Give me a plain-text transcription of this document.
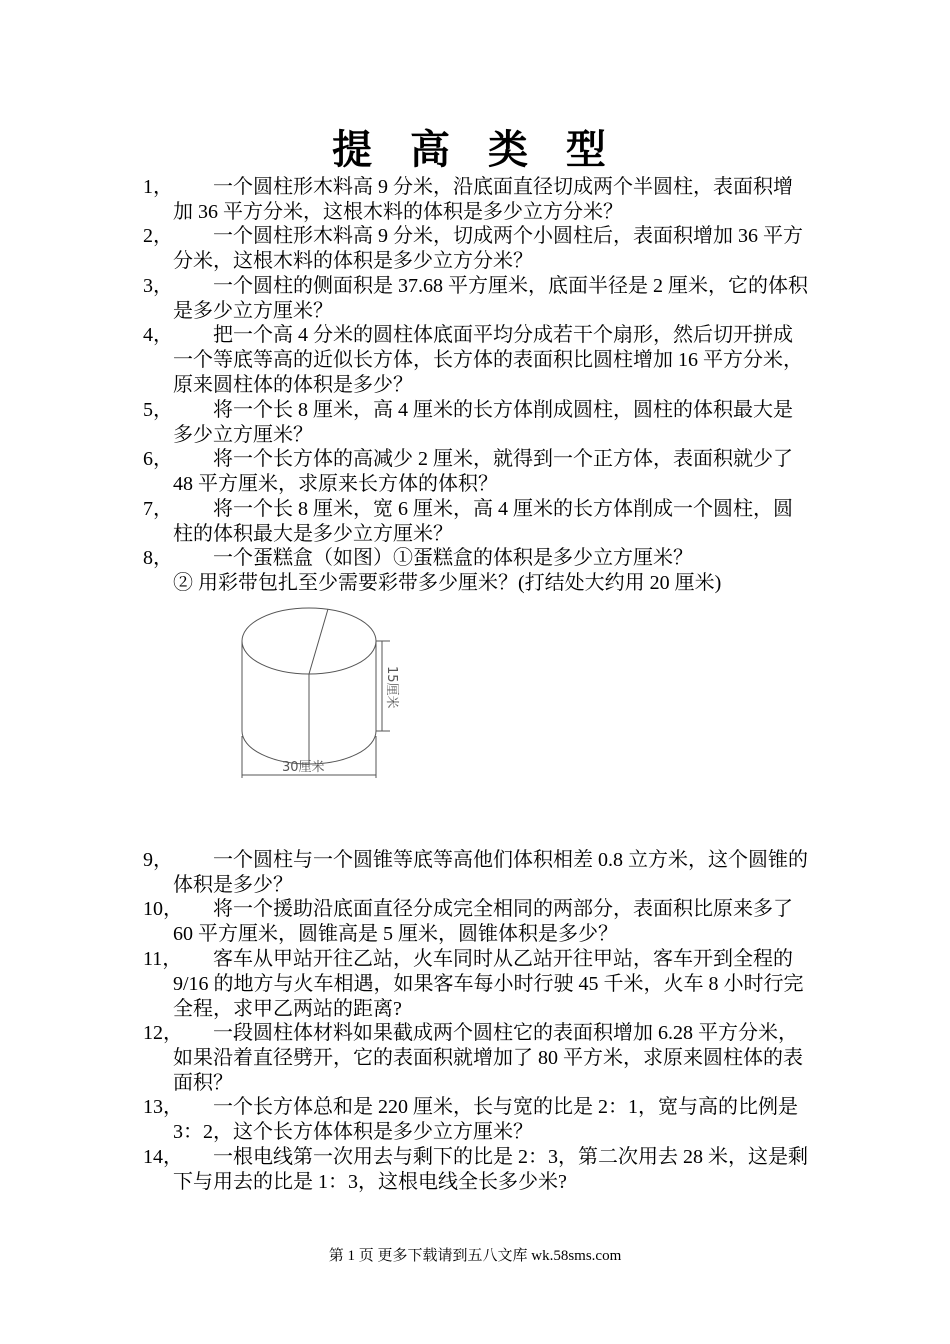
提 高 类 型
1，	一个圆柱形木料高 9 分米，沿底面直径切成两个半圆柱，表面积增加 36 平方分米，这根木料的体积是多少立方分米？
2，	一个圆柱形木料高 9 分米，切成两个小圆柱后，表面积增加 36 平方分米，这根木料的体积是多少立方分米？
3，	一个圆柱的侧面积是 37.68 平方厘米，底面半径是 2 厘米，它的体积是多少立方厘米？
4，	把一个高 4 分米的圆柱体底面平均分成若干个扇形，然后切开拼成一个等底等高的近似长方体，长方体的表面积比圆柱增加 16 平方分米，原来圆柱体的体积是多少？
5，	将一个长 8 厘米，高 4 厘米的长方体削成圆柱，圆柱的体积最大是多少立方厘米？
6，	将一个长方体的高减少 2 厘米，就得到一个正方体，表面积就少了 48 平方厘米，求原来长方体的体积？
7，	将一个长 8 厘米，宽 6 厘米，高 4 厘米的长方体削成一个圆柱，圆柱的体积最大是多少立方厘米？
8，	一个蛋糕盒（如图）①蛋糕盒的体积是多少立方厘米？
② 用彩带包扎至少需要彩带多少厘米？(打结处大约用 20 厘米)
15厘米
30厘米
9，	一个圆柱与一个圆锥等底等高他们体积相差 0.8 立方米，这个圆锥的体积是多少？
10，	将一个援助沿底面直径分成完全相同的两部分，表面积比原来多了 60 平方厘米，圆锥高是 5 厘米，圆锥体积是多少？
11，	客车从甲站开往乙站，火车同时从乙站开往甲站，客车开到全程的 9/16 的地方与火车相遇，如果客车每小时行驶 45 千米，火车 8 小时行完全程，求甲乙两站的距离?
12，	一段圆柱体材料如果截成两个圆柱它的表面积增加 6.28 平方分米，如果沿着直径劈开，它的表面积就增加了 80 平方米，求原来圆柱体的表面积？
13，	一个长方体总和是 220 厘米，长与宽的比是 2：1，宽与高的比例是 3：2，这个长方体体积是多少立方厘米？
14，	一根电线第一次用去与剩下的比是 2：3，第二次用去 28 米，这是剩下与用去的比是 1：3，这根电线全长多少米?
第 1 页 更多下载请到五八文库 wk.58sms.com
